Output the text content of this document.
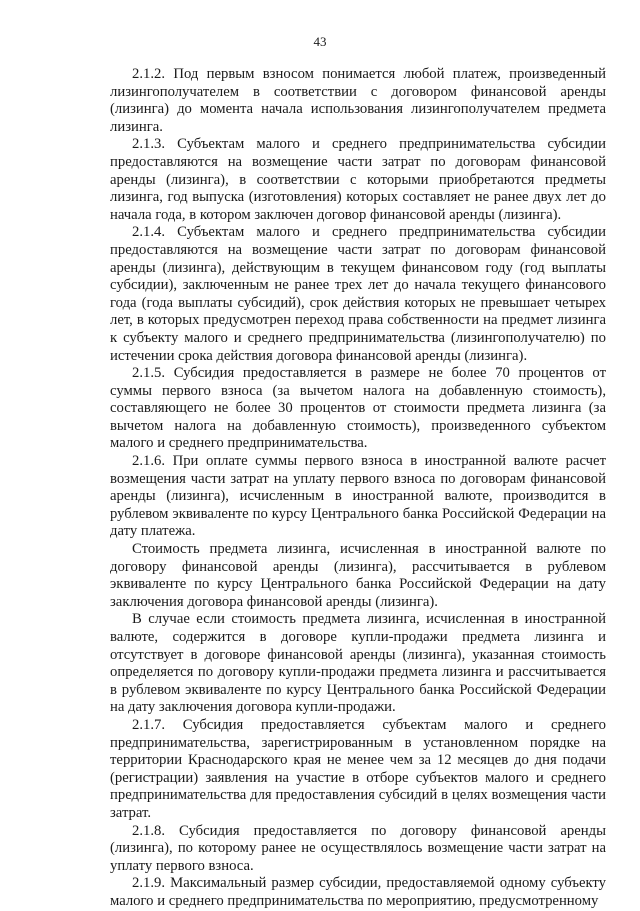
43

2.1.2. Под первым взносом понимается любой платеж, произведенный лизингополучателем в соответствии с договором финансовой аренды (лизинга) до момента начала использования лизингополучателем предмета лизинга.

2.1.3. Субъектам малого и среднего предпринимательства субсидии предоставляются на возмещение части затрат по договорам финансовой аренды (лизинга), в соответствии с которыми приобретаются предметы лизинга, год выпуска (изготовления) которых составляет не ранее двух лет до начала года, в котором заключен договор финансовой аренды (лизинга).

2.1.4. Субъектам малого и среднего предпринимательства субсидии предоставляются на возмещение части затрат по договорам финансовой аренды (лизинга), действующим в текущем финансовом году (год выплаты субсидии), заключенным не ранее трех лет до начала текущего финансового года (года выплаты субсидий), срок действия которых не превышает четырех лет, в которых предусмотрен переход права собственности на предмет лизинга к субъекту малого и среднего предпринимательства (лизингополучателю) по истечении срока действия договора финансовой аренды (лизинга).

2.1.5. Субсидия предоставляется в размере не более 70 процентов от суммы первого взноса (за вычетом налога на добавленную стоимость), составляющего не более 30 процентов от стоимости предмета лизинга (за вычетом налога на добавленную стоимость), произведенного субъектом малого и среднего предпринимательства.

2.1.6. При оплате суммы первого взноса в иностранной валюте расчет возмещения части затрат на уплату первого взноса по договорам финансовой аренды (лизинга), исчисленным в иностранной валюте, производится в рублевом эквиваленте по курсу Центрального банка Российской Федерации на дату платежа.

Стоимость предмета лизинга, исчисленная в иностранной валюте по договору финансовой аренды (лизинга), рассчитывается в рублевом эквиваленте по курсу Центрального банка Российской Федерации на дату заключения договора финансовой аренды (лизинга).

В случае если стоимость предмета лизинга, исчисленная в иностранной валюте, содержится в договоре купли-продажи предмета лизинга и отсутствует в договоре финансовой аренды (лизинга), указанная стоимость определяется по договору купли-продажи предмета лизинга и рассчитывается в рублевом эквиваленте по курсу Центрального банка Российской Федерации на дату заключения договора купли-продажи.

2.1.7. Субсидия предоставляется субъектам малого и среднего предпринимательства, зарегистрированным в установленном порядке на территории Краснодарского края не менее чем за 12 месяцев до дня подачи (регистрации) заявления на участие в отборе субъектов малого и среднего предпринимательства для предоставления субсидий в целях возмещения части затрат.

2.1.8. Субсидия предоставляется по договору финансовой аренды (лизинга), по которому ранее не осуществлялось возмещение части затрат на уплату первого взноса.

2.1.9. Максимальный размер субсидии, предоставляемой одному субъекту малого и среднего предпринимательства по мероприятию, предусмотренному
